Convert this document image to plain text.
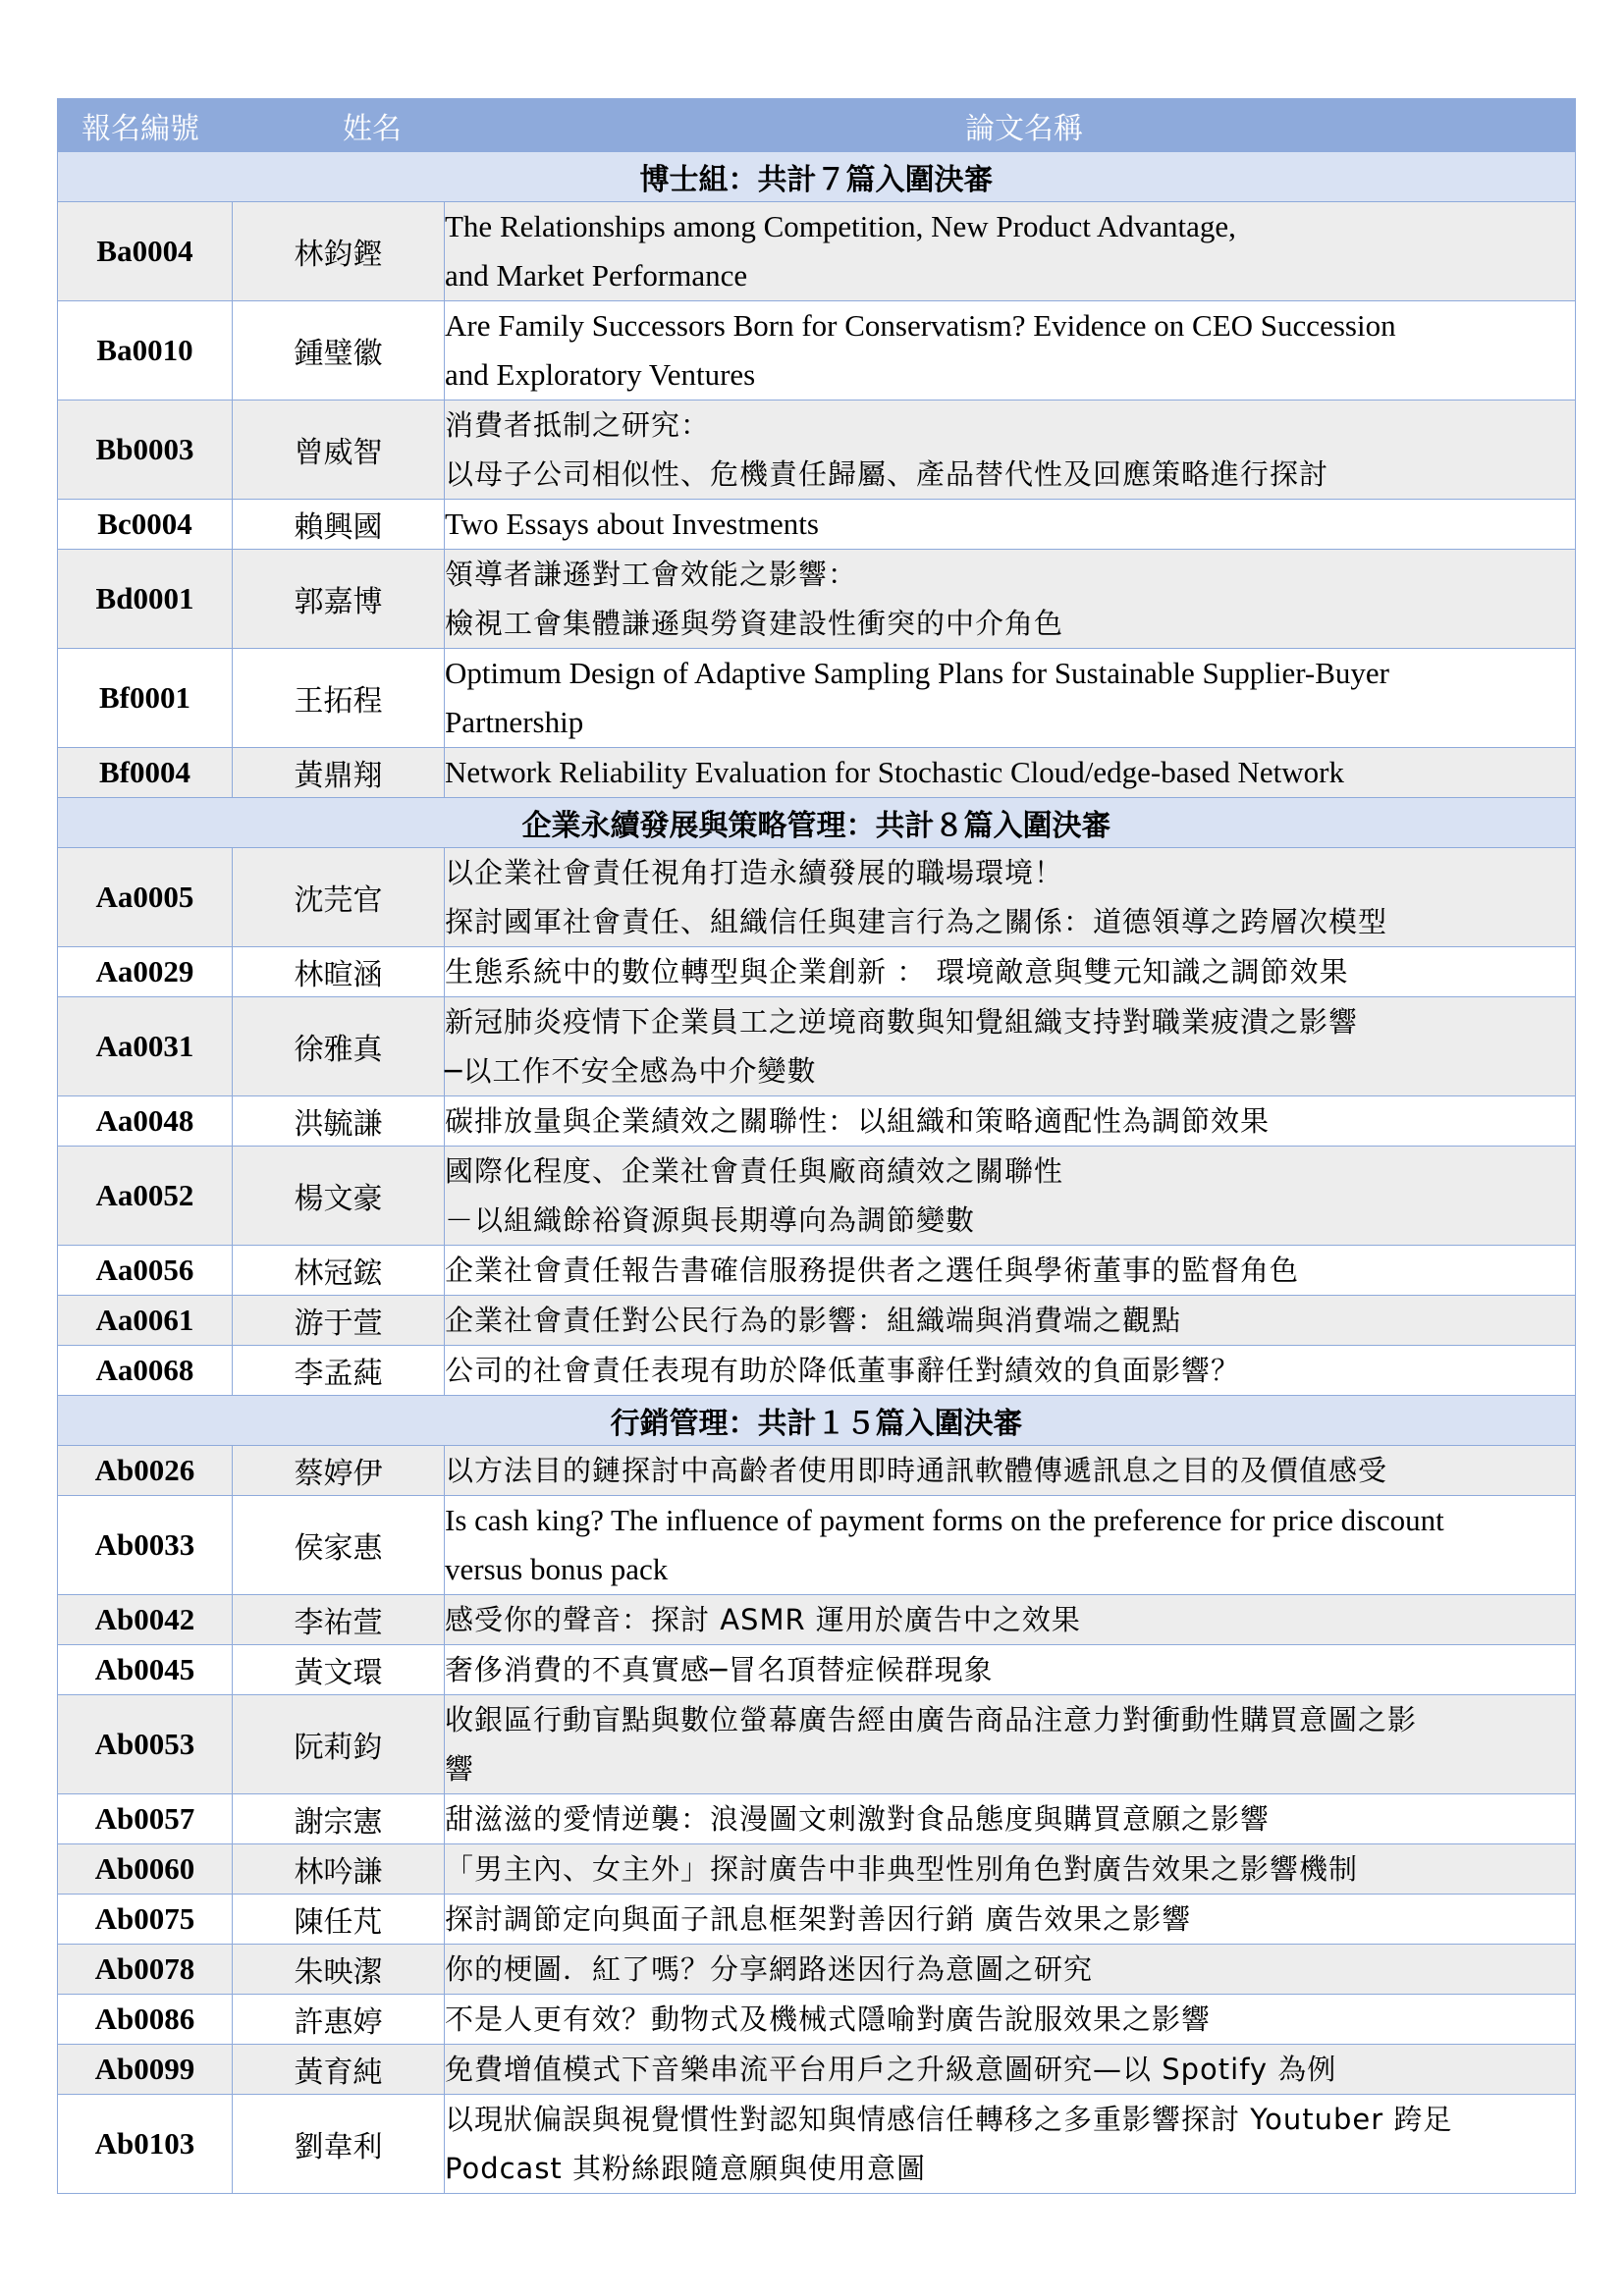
報名編號	姓名	論文名稱
博士組：共計７篇入圍決審		
Ba0004	林鈞鏗	The Relationships among Competition, New Product Advantage,
and Market Performance

Ba0010	鍾璧徽	Are Family Successors Born for Conservatism? Evidence on CEO Succession
and Exploratory Ventures

Bb0003	曾威智	消費者抵制之研究：
以母子公司相似性、危機責任歸屬、產品替代性及回應策略進行探討

Bc0004	賴興國	Two Essays about Investments

Bd0001	郭嘉博	領導者謙遜對工會效能之影響：
檢視工會集體謙遜與勞資建設性衝突的中介角色

Bf0001	王拓程	Optimum Design of Adaptive Sampling Plans for Sustainable Supplier-Buyer
Partnership

Bf0004	黃鼎翔	Network Reliability Evaluation for Stochastic Cloud/edge-based Network

企業永續發展與策略管理：共計８篇入圍決審		
Aa0005	沈芫官	以企業社會責任視角打造永續發展的職場環境！
探討國軍社會責任、組織信任與建言行為之關係：道德領導之跨層次模型

Aa0029	林暄涵	生態系統中的數位轉型與企業創新 ： 環境敵意與雙元知識之調節效果

Aa0031	徐雅真	新冠肺炎疫情下企業員工之逆境商數與知覺組織支持對職業疲潰之影響
─以工作不安全感為中介變數

Aa0048	洪毓謙	碳排放量與企業績效之關聯性：以組織和策略適配性為調節效果

Aa0052	楊文豪	國際化程度、企業社會責任與廠商績效之關聯性
－以組織餘裕資源與長期導向為調節變數

Aa0056	林冠鋐	企業社會責任報告書確信服務提供者之選任與學術董事的監督角色

Aa0061	游于萱	企業社會責任對公民行為的影響：組織端與消費端之觀點

Aa0068	李孟蒓	公司的社會責任表現有助於降低董事辭任對績效的負面影響？

行銷管理：共計１５篇入圍決審		
Ab0026	蔡婷伊	以方法目的鏈探討中高齡者使用即時通訊軟體傳遞訊息之目的及價值感受

Ab0033	侯家惠	Is cash king? The influence of payment forms on the preference for price discount
versus bonus pack

Ab0042	李祐萱	感受你的聲音：探討 ASMR 運用於廣告中之效果

Ab0045	黃文環	奢侈消費的不真實感─冒名頂替症候群現象

Ab0053	阮莉鈞	收銀區行動盲點與數位螢幕廣告經由廣告商品注意力對衝動性購買意圖之影
響

Ab0057	謝宗憲	甜滋滋的愛情逆襲：浪漫圖文刺激對食品態度與購買意願之影響

Ab0060	林吟謙	「男主內、女主外」探討廣告中非典型性別角色對廣告效果之影響機制

Ab0075	陳任芃	探討調節定向與面子訊息框架對善因行銷 廣告效果之影響

Ab0078	朱映潔	你的梗圖．紅了嗎？分享網路迷因行為意圖之研究

Ab0086	許惠婷	不是人更有效？動物式及機械式隱喻對廣告說服效果之影響

Ab0099	黃育純	免費增值模式下音樂串流平台用戶之升級意圖研究—以 Spotify 為例

Ab0103	劉韋利	以現狀偏誤與視覺慣性對認知與情感信任轉移之多重影響探討 Youtuber 跨足
Podcast 其粉絲跟隨意願與使用意圖
